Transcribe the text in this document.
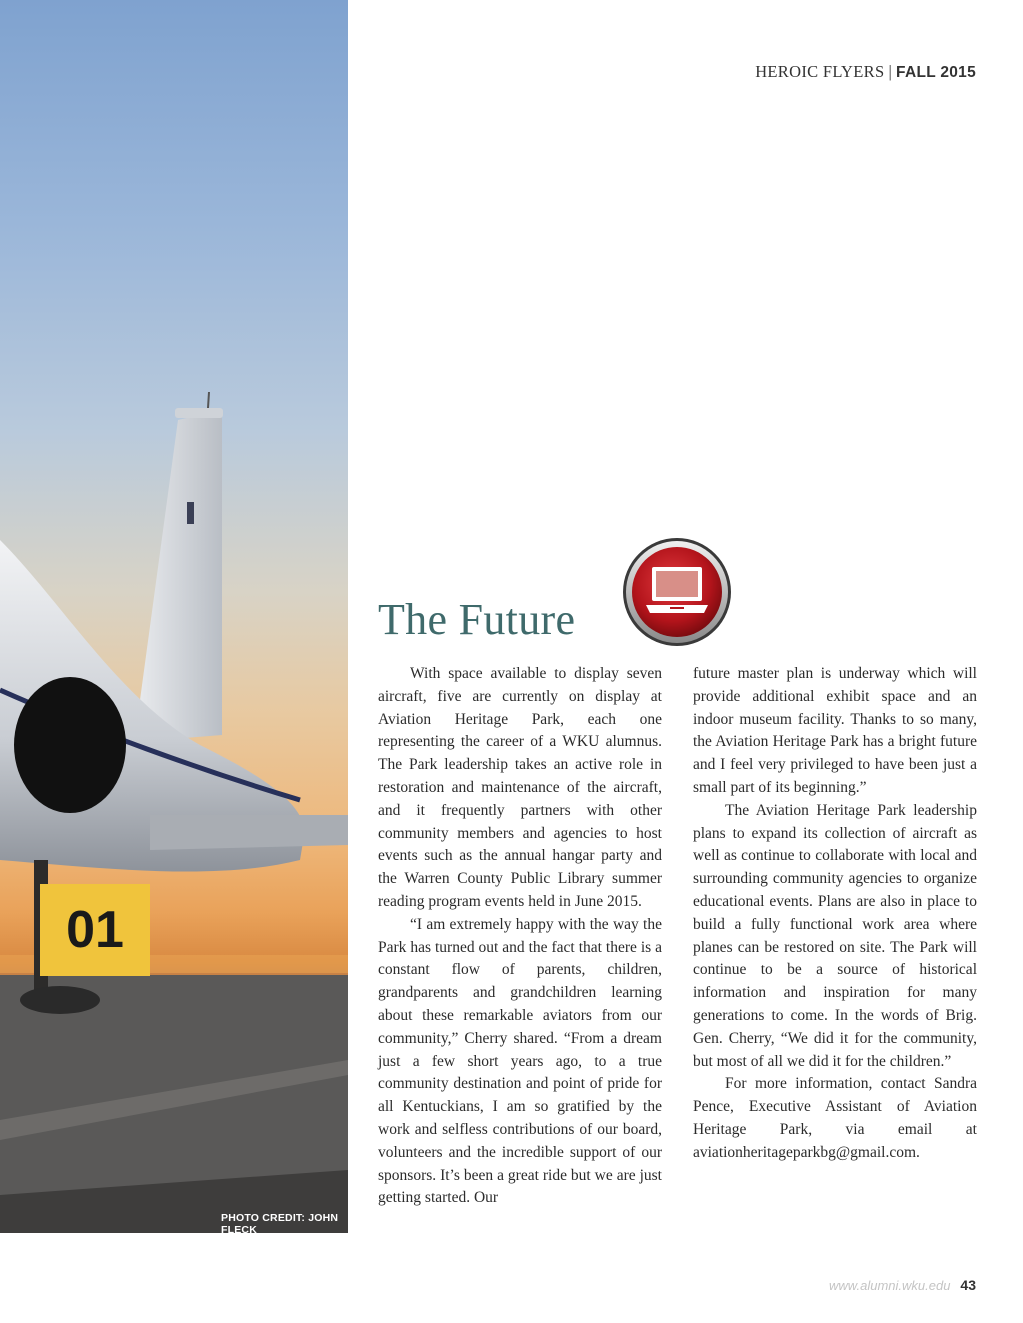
01
PHOTO CREDIT: JOHN FLECK
HEROIC FLYERS | FALL 2015
The Future

With space available to display seven aircraft, five are currently on display at Aviation Heritage Park, each one representing the career of a WKU alumnus. The Park leadership takes an active role in restoration and maintenance of the aircraft, and it frequently partners with other community members and agencies to host events such as the annual hangar party and the Warren County Public Library summer reading program events held in June 2015.

“I am extremely happy with the way the Park has turned out and the fact that there is a constant flow of parents, children, grandparents and grandchildren learning about these remarkable aviators from our community,” Cherry shared. “From a dream just a few short years ago, to a true community destination and point of pride for all Kentuckians, I am so gratified by the work and selfless contributions of our board, volunteers and the incredible support of our sponsors. It’s been a great ride but we are just getting started. Our

future master plan is underway which will provide additional exhibit space and an indoor museum facility. Thanks to so many, the Aviation Heritage Park has a bright future and I feel very privileged to have been just a small part of its beginning.”

The Aviation Heritage Park leadership plans to expand its collection of aircraft as well as continue to collaborate with local and surrounding community agencies to organize educational events. Plans are also in place to build a fully functional work area where planes can be restored on site. The Park will continue to be a source of historical information and inspiration for many generations to come. In the words of Brig. Gen. Cherry, “We did it for the community, but most of all we did it for the children.”

For more information, contact Sandra Pence, Executive Assistant of Aviation Heritage Park, via email at aviationheritageparkbg@gmail.com.

www.alumni.wku.edu 43
